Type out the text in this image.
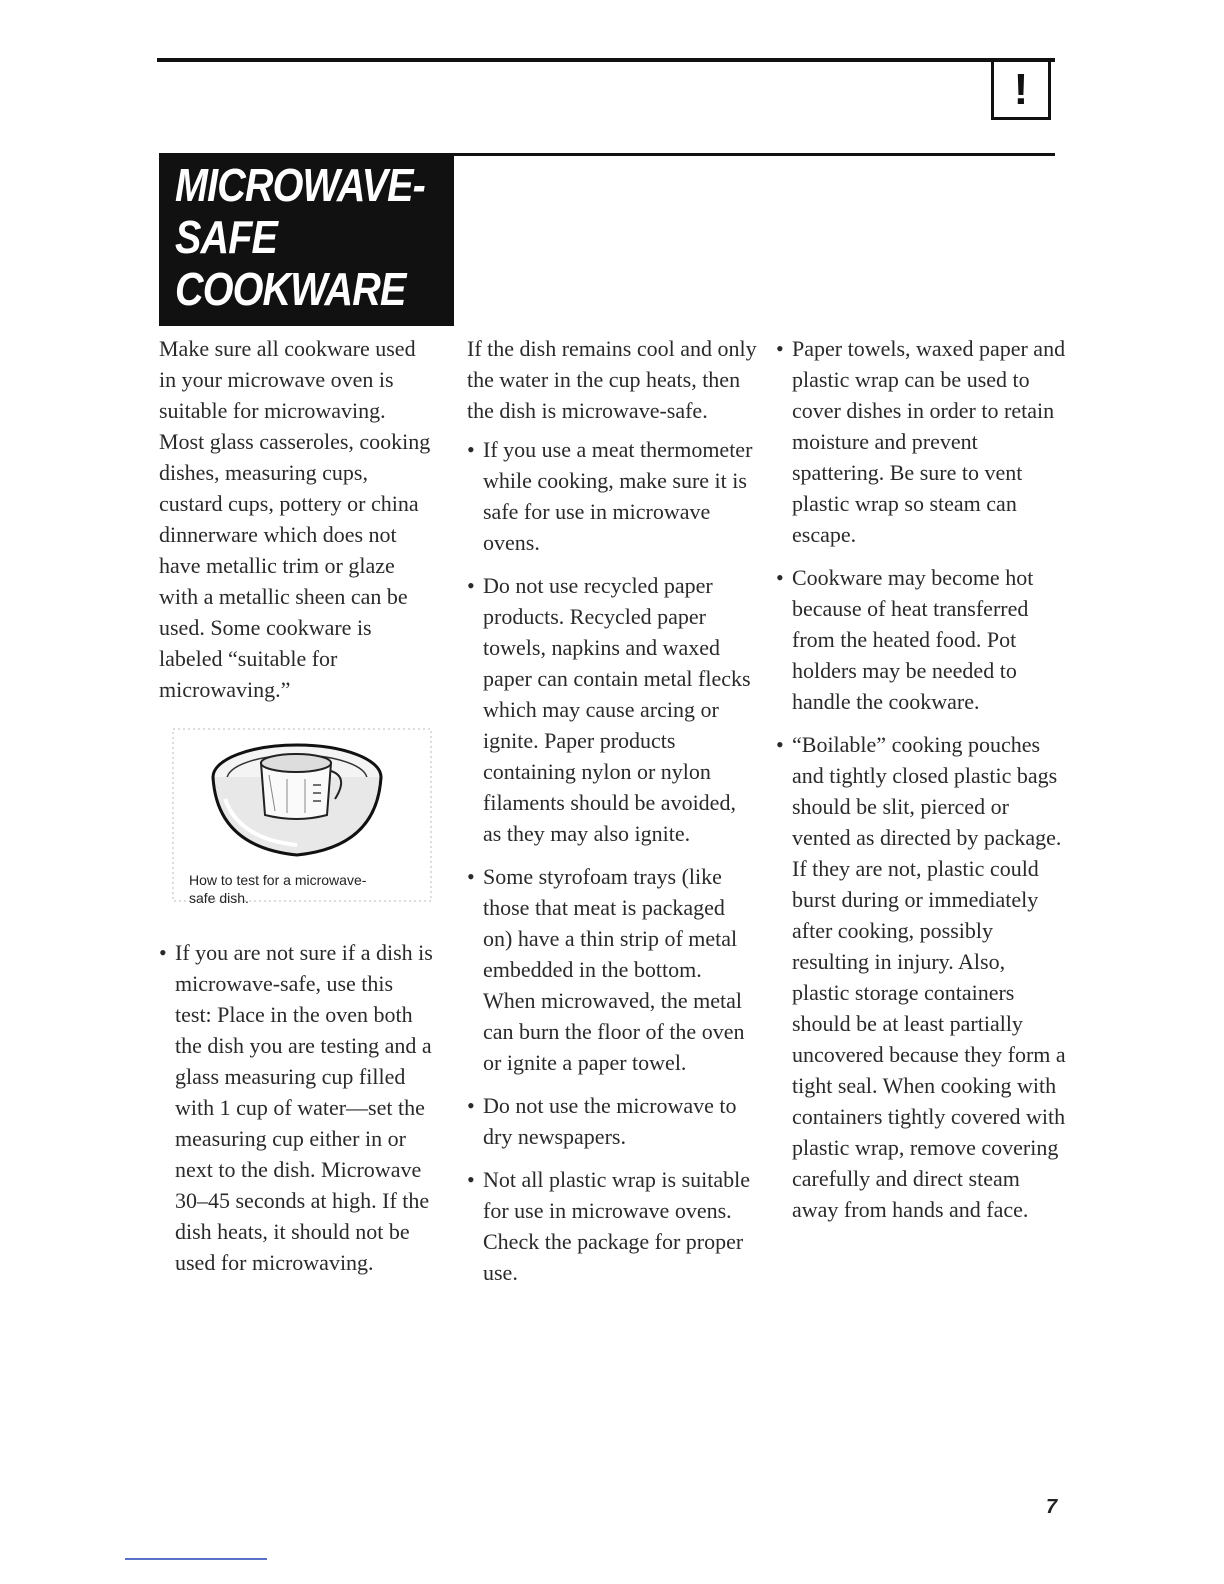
!
MICROWAVE-
SAFE
COOKWARE

Make sure all cookware used in your microwave oven is suitable for microwaving. Most glass casseroles, cooking dishes, measuring cups, custard cups, pottery or china dinnerware which does not have metallic trim or glaze with a metallic sheen can be used. Some cookware is labeled “suitable for microwaving.”

How to test for a microwave-safe dish.
• If you are not sure if a dish is microwave-safe, use this test: Place in the oven both the dish you are testing and a glass measuring cup filled with 1 cup of water—set the measuring cup either in or next to the dish. Microwave 30–45 seconds at high. If the dish heats, it should not be used for microwaving.

If the dish remains cool and only the water in the cup heats, then the dish is microwave-safe.

• If you use a meat thermometer while cooking, make sure it is safe for use in microwave ovens.
• Do not use recycled paper products. Recycled paper towels, napkins and waxed paper can contain metal flecks which may cause arcing or ignite. Paper products containing nylon or nylon filaments should be avoided, as they may also ignite.
• Some styrofoam trays (like those that meat is packaged on) have a thin strip of metal embedded in the bottom. When microwaved, the metal can burn the floor of the oven or ignite a paper towel.
• Do not use the microwave to dry newspapers.
• Not all plastic wrap is suitable for use in microwave ovens. Check the package for proper use.
• Paper towels, waxed paper and plastic wrap can be used to cover dishes in order to retain moisture and prevent spattering. Be sure to vent plastic wrap so steam can escape.
• Cookware may become hot because of heat transferred from the heated food. Pot holders may be needed to handle the cookware.
• “Boilable” cooking pouches and tightly closed plastic bags should be slit, pierced or vented as directed by package. If they are not, plastic could burst during or immediately after cooking, possibly resulting in injury. Also, plastic storage containers should be at least partially uncovered because they form a tight seal. When cooking with containers tightly covered with plastic wrap, remove covering carefully and direct steam away from hands and face.
7
